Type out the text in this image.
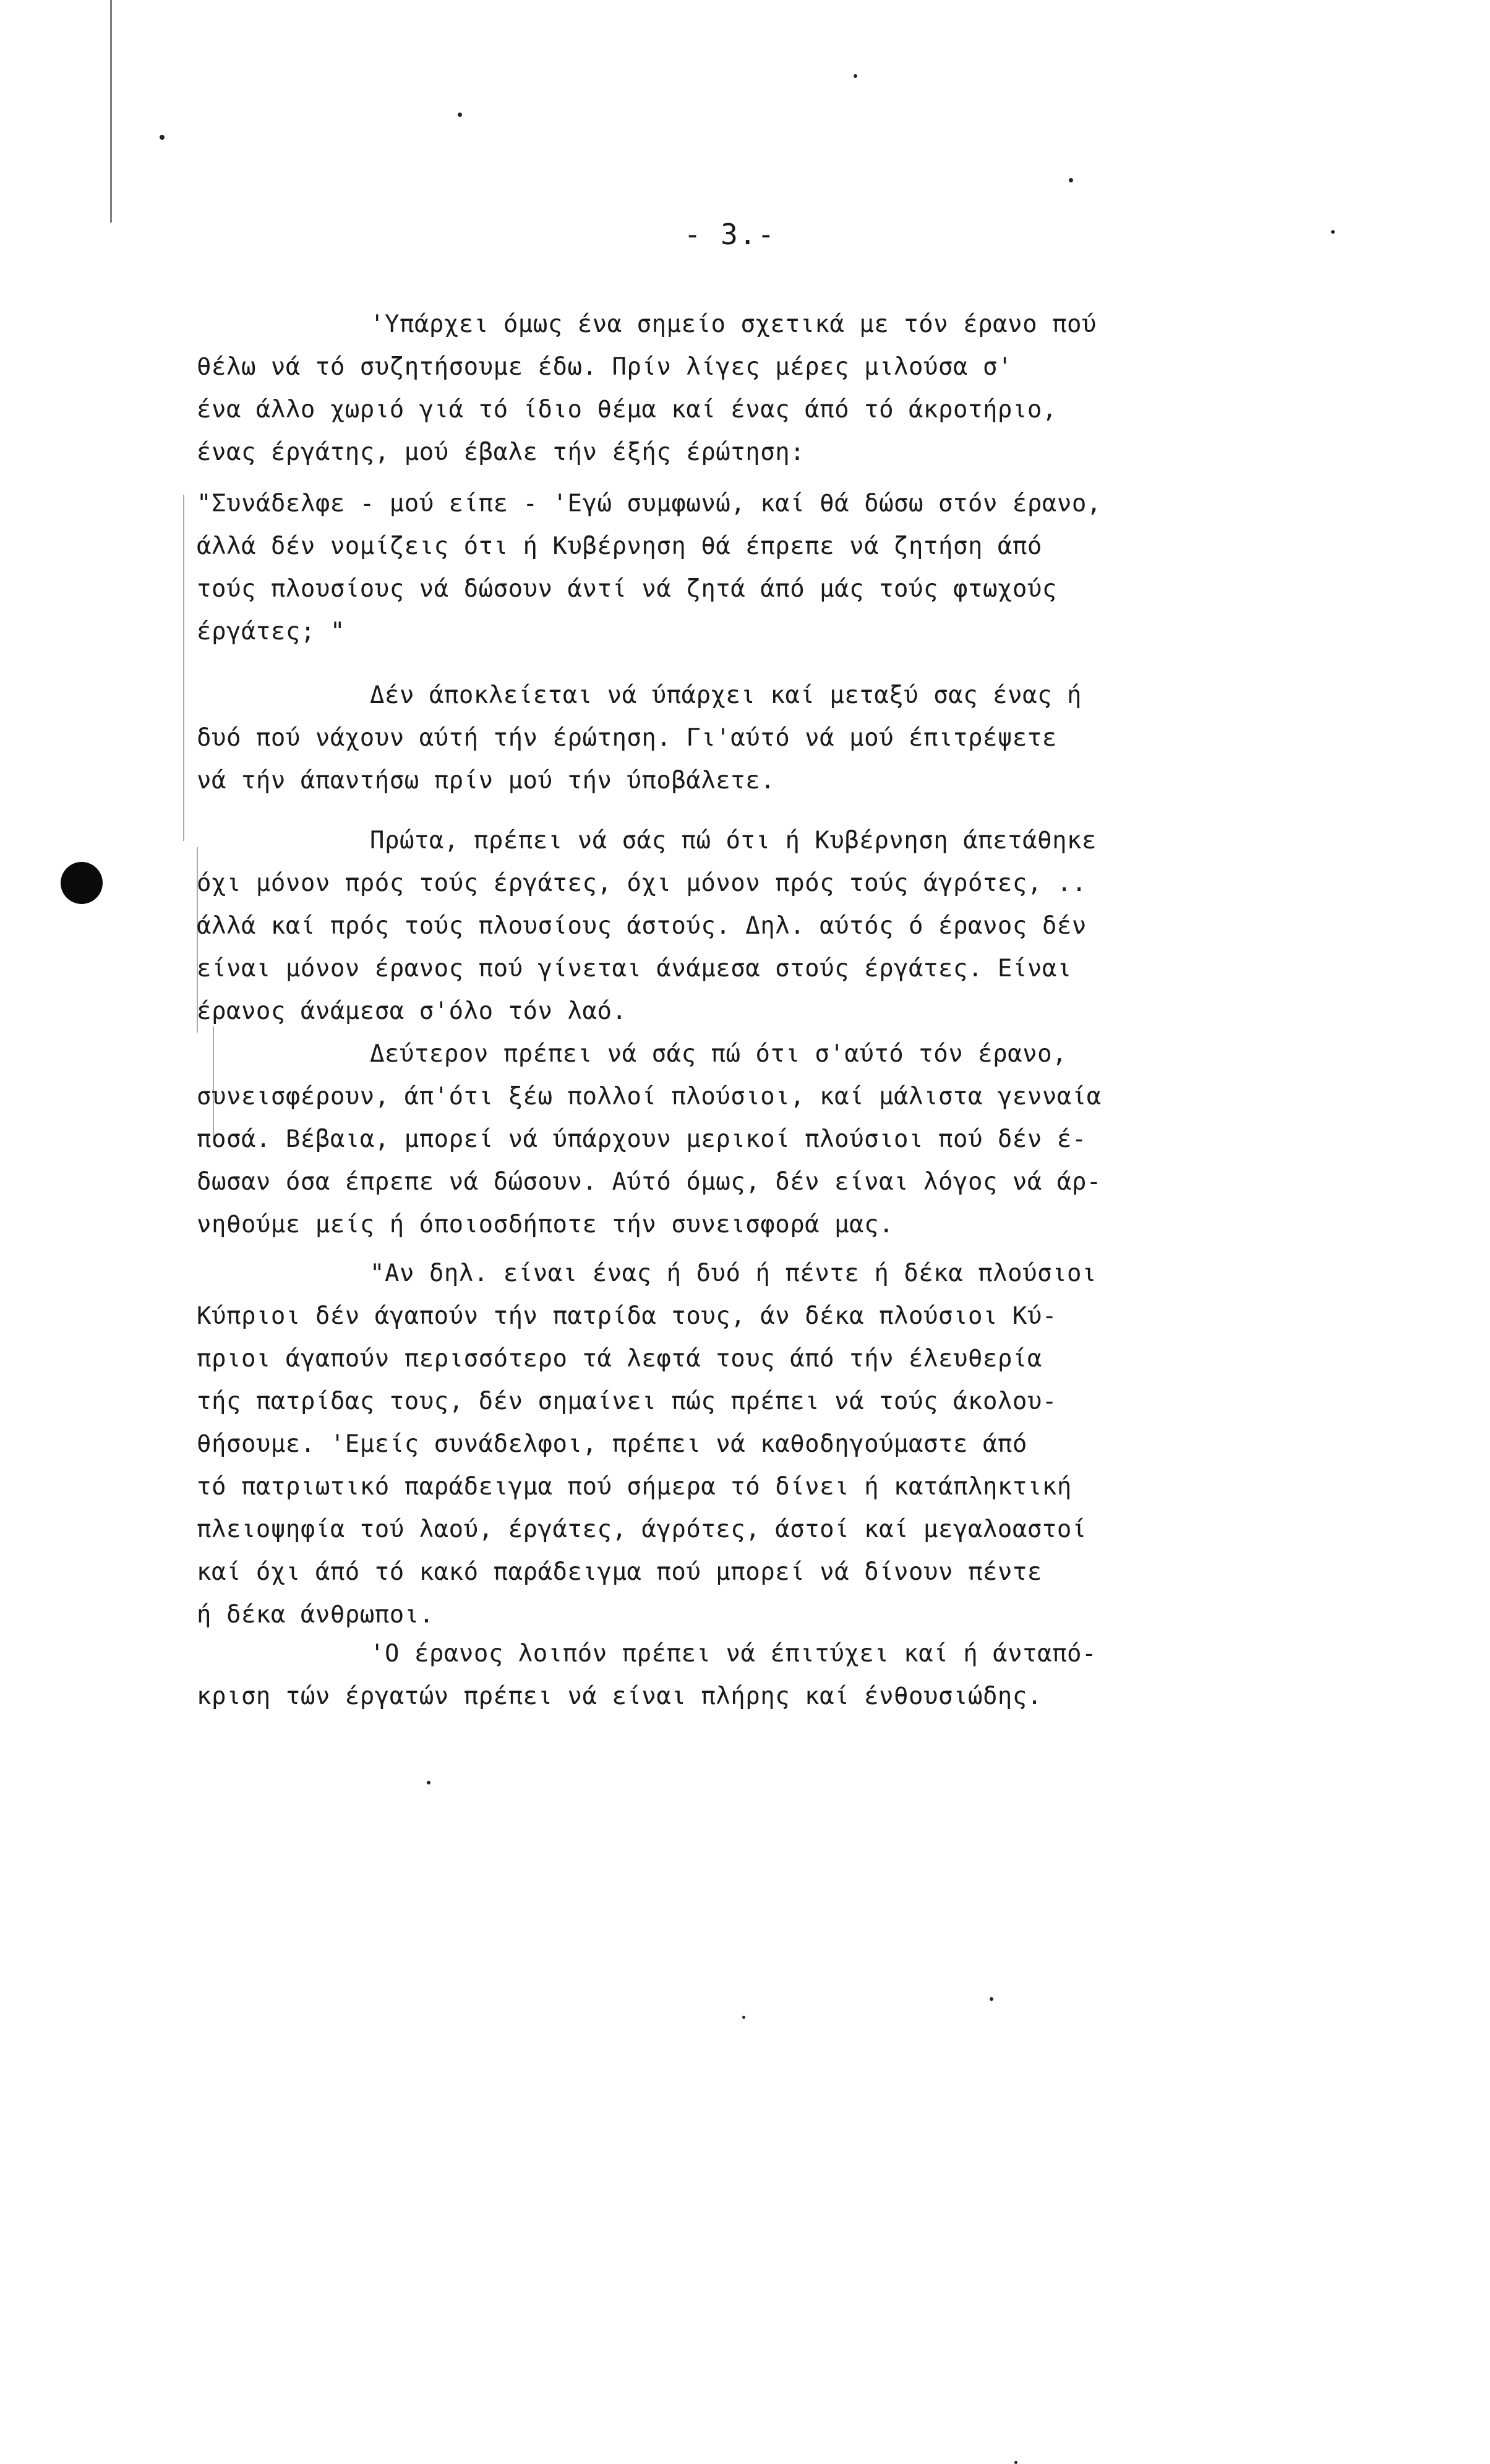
- 3.-
'Υπάρχει όμως ένα σημείο σχετικά με τόν έρανο πού
θέλω νά τό συζητήσουμε έδω. Πρίν λίγες μέρες μιλούσα σ'
ένα άλλο χωριό γιά τό ίδιο θέμα καί ένας άπό τό άκροτήριο,
ένας έργάτης, μού έβαλε τήν έξής έρώτηση:
"Συνάδελφε - μού είπε - 'Εγώ συμφωνώ, καί θά δώσω στόν έρανο,
άλλά δέν νομίζεις ότι ή Κυβέρνηση θά έπρεπε νά ζητήση άπό
τούς πλουσίους νά δώσουν άντί νά ζητά άπό μάς τούς φτωχούς
έργάτες; "
Δέν άποκλείεται νά ύπάρχει καί μεταξύ σας ένας ή
δυό πού νάχουν αύτή τήν έρώτηση. Γι'αύτό νά μού έπιτρέψετε
νά τήν άπαντήσω πρίν μού τήν ύποβάλετε.
Πρώτα, πρέπει νά σάς πώ ότι ή Κυβέρνηση άπετάθηκε
όχι μόνον πρός τούς έργάτες, όχι μόνον πρός τούς άγρότες, ..
άλλά καί πρός τούς πλουσίους άστούς. Δηλ. αύτός ό έρανος δέν
είναι μόνον έρανος πού γίνεται άνάμεσα στούς έργάτες. Είναι
έρανος άνάμεσα σ'όλο τόν λαό.
Δεύτερον πρέπει νά σάς πώ ότι σ'αύτό τόν έρανο,
συνεισφέρουν, άπ'ότι ξέω πολλοί πλούσιοι, καί μάλιστα γενναία
ποσά. Βέβαια, μπορεί νά ύπάρχουν μερικοί πλούσιοι πού δέν έ-
δωσαν όσα έπρεπε νά δώσουν. Αύτό όμως, δέν είναι λόγος νά άρ-
νηθούμε μείς ή όποιοσδήποτε τήν συνεισφορά μας.
"Αν δηλ. είναι ένας ή δυό ή πέντε ή δέκα πλούσιοι
Κύπριοι δέν άγαπούν τήν πατρίδα τους, άν δέκα πλούσιοι Κύ-
πριοι άγαπούν περισσότερο τά λεφτά τους άπό τήν έλευθερία
τής πατρίδας τους, δέν σημαίνει πώς πρέπει νά τούς άκολου-
θήσουμε. 'Εμείς συνάδελφοι, πρέπει νά καθοδηγούμαστε άπό
τό πατριωτικό παράδειγμα πού σήμερα τό δίνει ή κατάπληκτική
πλειοψηφία τού λαού, έργάτες, άγρότες, άστοί καί μεγαλοαστοί
καί όχι άπό τό κακό παράδειγμα πού μπορεί νά δίνουν πέντε
ή δέκα άνθρωποι.
'Ο έρανος λοιπόν πρέπει νά έπιτύχει καί ή άνταπό-
κριση τών έργατών πρέπει νά είναι πλήρης καί ένθουσιώδης.
